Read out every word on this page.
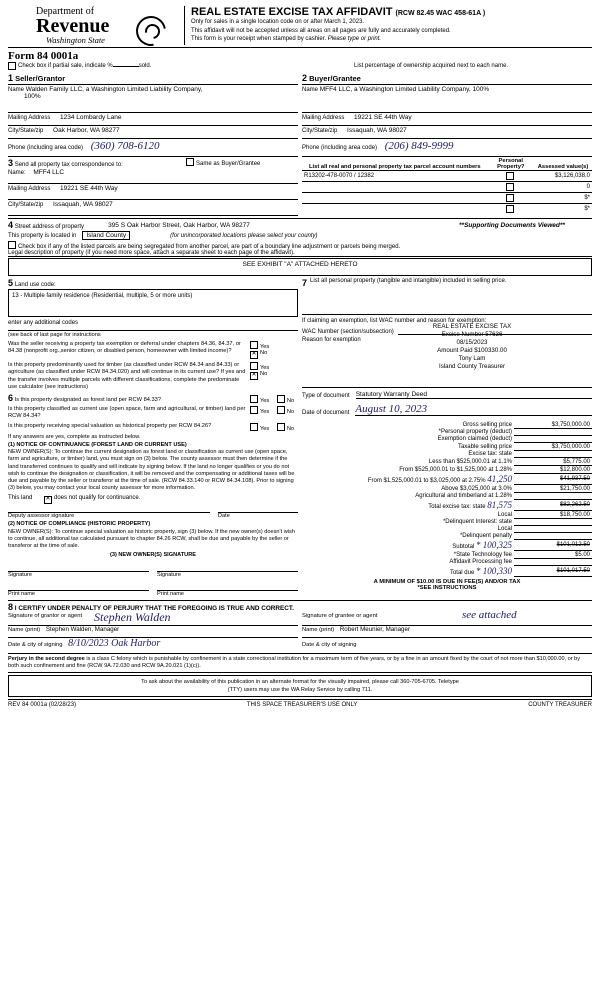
Department of
Revenue
Washington State
REAL ESTATE EXCISE TAX AFFIDAVIT (RCW 82.45 WAC 458-61A )
Only for sales in a single location code on or after March 1, 2023.
This affidavit will not be accepted unless all areas on all pages are fully and accurately completed.
This form is your receipt when stamped by cashier. Please type or print.
Form 84 0001a
Check box if partial sale, indicate %	sold.	List percentage of ownership acquired next to each name.
1 Seller/Grantor
Name Walden Family LLC, a Washington Limited Liability Company,
100%
Mailing Address 1234 Lombardy Lane
City/State/zip Oak Harbor, WA 98277
Phone (including area code) (360) 708-6120
2 Buyer/Grantee
Name MFF4 LLC, a Washington Limited Liability Company, 100%
Mailing Address 19221 SE 44th Way
City/State/zip Issaquah, WA 98027
Phone (including area code) (206) 849-9999
3 Send all property tax correspondence to:	Same as Buyer/Grantee
Name: MFF4 LLC
Mailing Address 19221 SE 44th Way
City/State/zip Issaquah, WA 98027
List all real and personal property tax parcel account numbers	Personal Property?	Assessed value(s)
R13202-478-0070 / 12382		$3,126,038.0
		0
		$*
		$*
4 Street address of property	395 S Oak Harbor Street, Oak Harbor, WA 98277	**Supporting Documents Viewed**
This property is located in	Island County	(for unincorporated locations please select your county)
Check box if any of the listed parcels are being segregated from another parcel, are part of a boundary line adjustment or parcels being merged.
Legal description of property (if you need more space, attach a separate sheet to each page of the affidavit).
SEE EXHIBIT "A" ATTACHED HERETO
5 Land use code:
13 - Multiple family residence (Residential, multiple, 5 or more units)
enter any additional codes
(see back of last page for instructions
Was the seller receiving a property tax exemption or deferral under chapters 84.36, 84.37, or 84.38 (nonprofit org.,senior citizen, or disabled person, homeowner with limited income)?
Yes
✕No
Is this property predominantly used for timber (as classified under RCW 84.34 and 84.33) or agriculture (as classified under RCW 84.34.020) and will continue in its current use? If yes and the transfer involves multiple parcels with different classifications, complete the predominate use calculator (see instructions)
Yes
✕No
6 Is this property designated as forest land per RCW 84.33?	Yes	No
Is this property classified as current use (open space, farm and agricultural, or timber) land per RCW 84.34?
Yes	No
Is this property receiving special valuation as historical property per RCW 84.26?	Yes	No
If any answers are yes, complete as instructed below.
(1) NOTICE OF CONTINUANCE (FOREST LAND OR CURRENT USE)
NEW OWNER(S): To continue the current designation as forest land or classification as current use (open space, farm and agriculture, or timber) land, you must sign on (3) below. The county assessor must then determine if the land transferred continues to qualify and will indicate by signing below. If the land no longer qualifies or you do not wish to continue the designation or classification, it will be removed and the compensating or additional taxes will be due and payable by the seller or transferor at the time of sale. (RCW 84.33.140 or RCW 84.34.108). Prior to signing (3) below, you may contact your local county assessor for more information.
This land ✕	does not qualify for continuance.
Deputy assessor signature	Date
(2) NOTICE OF COMPLIANCE (HISTORIC PROPERTY)
NEW OWNER(S): To continue special valuation as historic property, sign (3) below. If the new owner(s) doesn't wish to continue, all additional tax calculated pursuant to chapter 84.26 RCW, shall be due and payable by the seller or transferor at the time of sale.
(3) NEW OWNER(S) SIGNATURE
Signature	Signature
Print name	Print name
7 List all personal property (tangible and intangible) included in selling price.
If claiming an exemption, list WAC number and reason for exemption:
WAC Number (section/subsection)
Reason for exemption
REAL ESTATE EXCISE TAX
Excise Number 57636
08/15/2023
Amount Paid $100330.00
Tony Lam
Island County Treasurer
Type of document Statutory Warranty Deed
Date of document August 10, 2023
Gross selling price	$3,750,000.00
*Personal property (deduct)	
Exemption claimed (deduct)	
Taxable selling price	$3,750,000.00
Excise tax: state	
Less than $525,000.01 at 1.1%	$5,775.00
From $525,000.01 to $1,525,000 at 1.28%	$12,800.00
From $1,525,000.01 to $3,025,000 at 2.75% 41,250	$41,937.50
Above $3,025,000 at 3.0%	$21,750.00
Agricultural and timberland at 1.28%	
Total excise tax: state 81,575	$82,262.50
Local	$18,750.00
*Delinquent Interest: state	
Local	
*Delinquent penalty	
Subtotal * 100,325	$101,012.50
*State Technology fee	$5.00
Affidavit Processing fee	
Total due * 100,330	$101,017.50
A MINIMUM OF $10.00 IS DUE IN FEE(S) AND/OR TAX
*SEE INSTRUCTIONS
8 I CERTIFY UNDER PENALTY OF PERJURY THAT THE FOREGOING IS TRUE AND CORRECT.
Signature of grantor or agent Stephen Walden
Name (print) Stephen Walden, Manager
Date & city of signing 8/10/2023 Oak Harbor
Signature of grantee or agent	see attached
Name (print) Robert Meunier, Manager
Date & city of signing
Perjury in the second degree is a class C felony which is punishable by confinement in a state correctional institution for a maximum term of five years, or by a fine in an amount fixed by the court of not more than $10,000.00, or by both such confinement and fine (RCW 9A.72.030 and RCW 9A.20.021 (1)(c)).
To ask about the availability of this publication in an alternate format for the visually impaired, please call 360-705-6705. Teletype
(TTY) users may use the WA Relay Service by calling 711.
REV 84 0001a (02/28/23)	THIS SPACE TREASURER'S USE ONLY	COUNTY TREASURER
